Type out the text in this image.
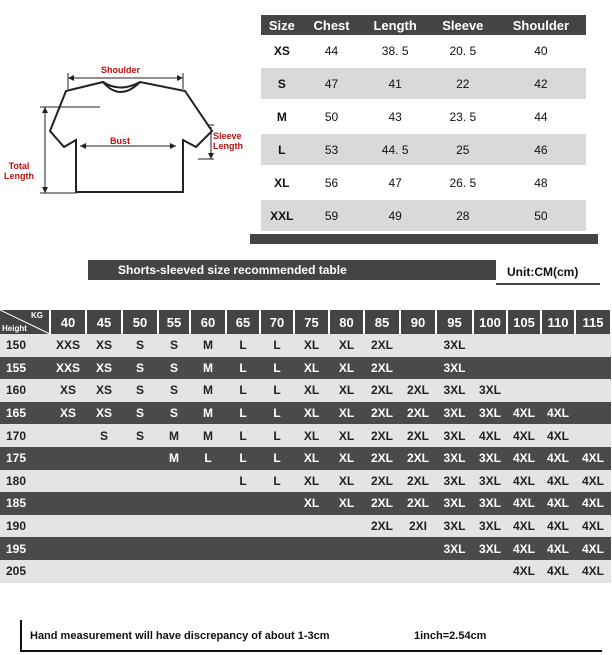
Shoulder
Bust	Sleeve
Length
Total
Length
Size	Chest	Length	Sleeve	Shoulder
XS	44	38. 5	20. 5	40
S	47	41	22	42
M	50	43	23. 5	44
L	53	44. 5	25	46
XL	56	47	26. 5	48
XXL	59	49	28	50
Shorts-sleeved size recommended table	Unit:CM(cm)
KG
Height	40	45	50	55	60	65	70	75	80	85	90	95	100	105	110	115
150	XXS	XS	S	S	M	L	L	XL	XL	2XL		3XL				
155	XXS	XS	S	S	M	L	L	XL	XL	2XL		3XL				
160	XS	XS	S	S	M	L	L	XL	XL	2XL	2XL	3XL	3XL			
165	XS	XS	S	S	M	L	L	XL	XL	2XL	2XL	3XL	3XL	4XL	4XL	
170		S	S	M	M	L	L	XL	XL	2XL	2XL	3XL	4XL	4XL	4XL	
175				M	L	L	L	XL	XL	2XL	2XL	3XL	3XL	4XL	4XL	4XL
180						L	L	XL	XL	2XL	2XL	3XL	3XL	4XL	4XL	4XL
185								XL	XL	2XL	2XL	3XL	3XL	4XL	4XL	4XL
190										2XL	2XI	3XL	3XL	4XL	4XL	4XL
195												3XL	3XL	4XL	4XL	4XL
205														4XL	4XL	4XL
Hand measurement will have discrepancy of about 1-3cm	1inch=2.54cm
